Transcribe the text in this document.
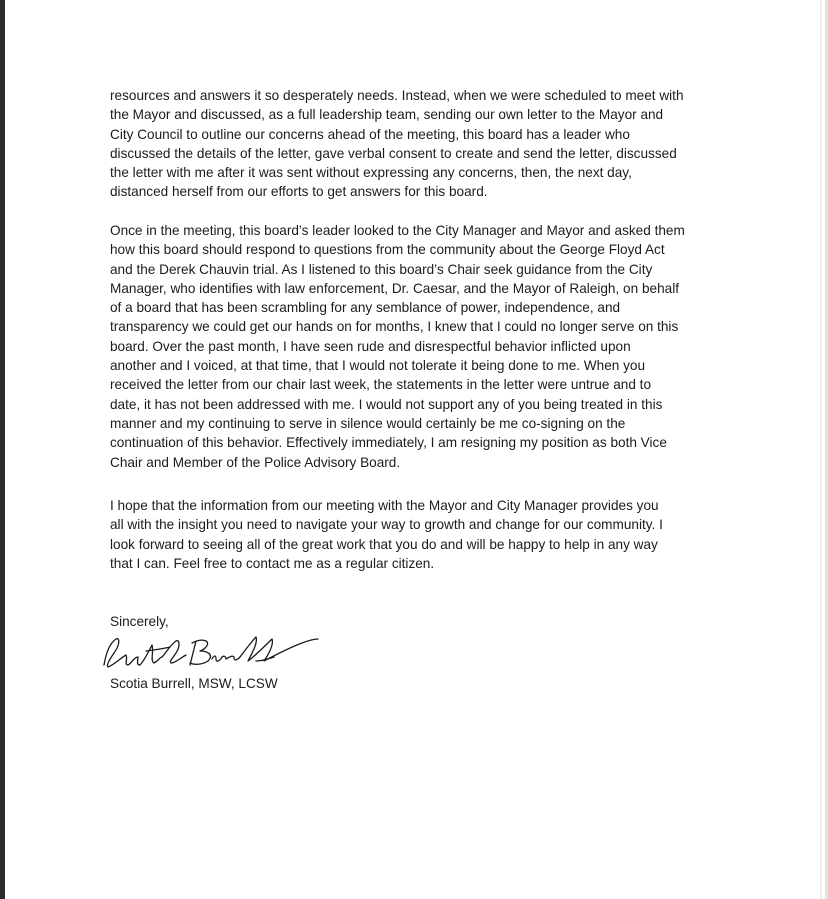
resources and answers it so desperately needs. Instead, when we were scheduled to meet with
the Mayor and discussed, as a full leadership team, sending our own letter to the Mayor and
City Council to outline our concerns ahead of the meeting, this board has a leader who
discussed the details of the letter, gave verbal consent to create and send the letter, discussed
the letter with me after it was sent without expressing any concerns, then, the next day,
distanced herself from our efforts to get answers for this board.

Once in the meeting, this board’s leader looked to the City Manager and Mayor and asked them
how this board should respond to questions from the community about the George Floyd Act
and the Derek Chauvin trial. As I listened to this board’s Chair seek guidance from the City
Manager, who identifies with law enforcement, Dr. Caesar, and the Mayor of Raleigh, on behalf
of a board that has been scrambling for any semblance of power, independence, and
transparency we could get our hands on for months, I knew that I could no longer serve on this
board. Over the past month, I have seen rude and disrespectful behavior inflicted upon
another and I voiced, at that time, that I would not tolerate it being done to me. When you
received the letter from our chair last week, the statements in the letter were untrue and to
date, it has not been addressed with me. I would not support any of you being treated in this
manner and my continuing to serve in silence would certainly be me co-signing on the
continuation of this behavior. Effectively immediately, I am resigning my position as both Vice
Chair and Member of the Police Advisory Board.

I hope that the information from our meeting with the Mayor and City Manager provides you
all with the insight you need to navigate your way to growth and change for our community. I
look forward to seeing all of the great work that you do and will be happy to help in any way
that I can. Feel free to contact me as a regular citizen.

Sincerely,
Scotia Burrell, MSW, LCSW
